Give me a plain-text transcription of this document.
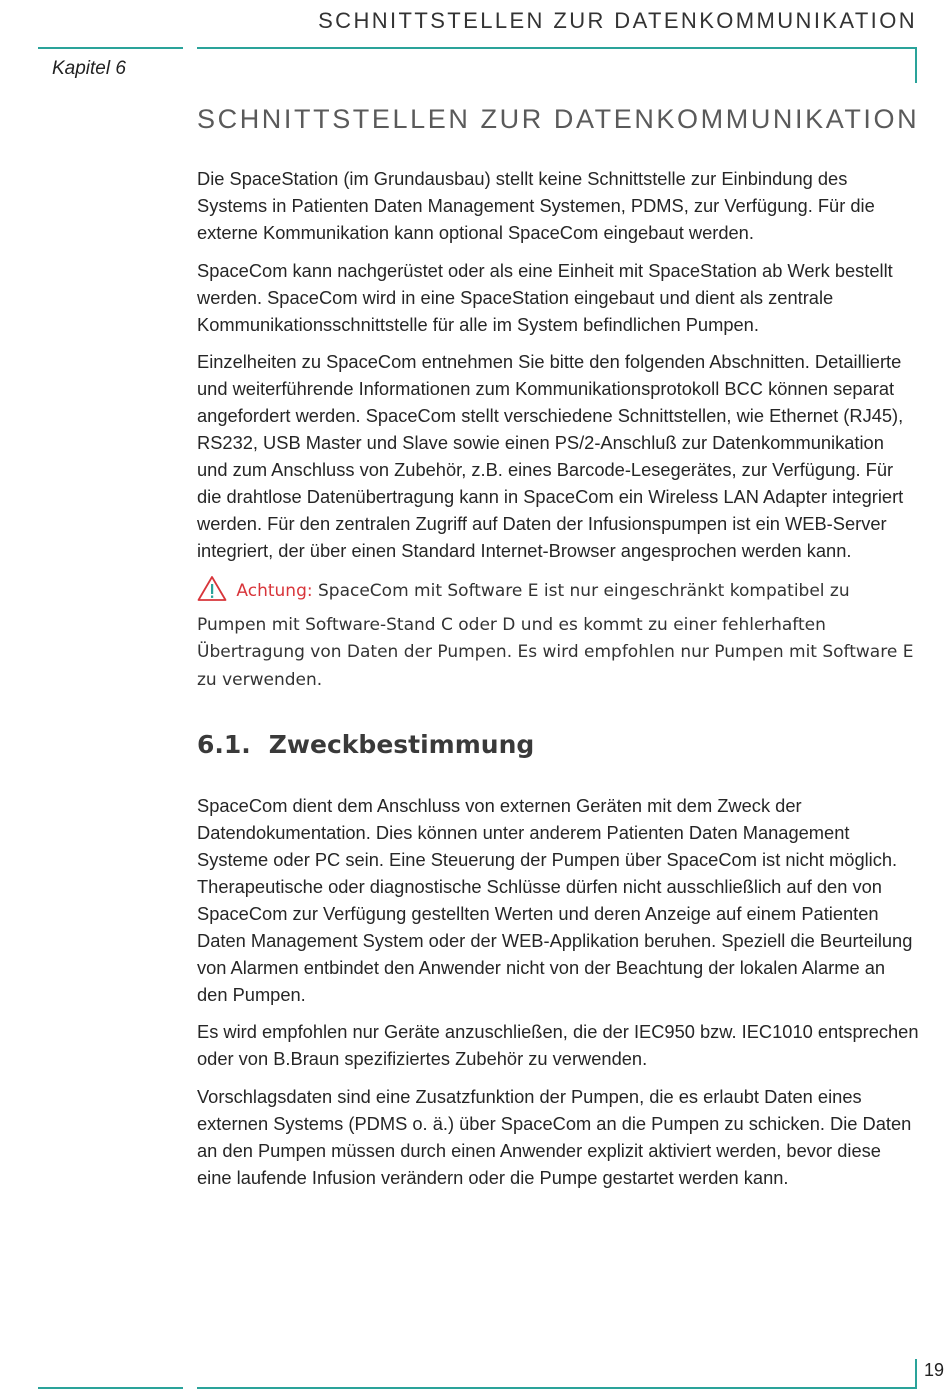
SCHNITTSTELLEN ZUR DATENKOMMUNIKATION
Kapitel 6
SCHNITTSTELLEN ZUR DATENKOMMUNIKATION

Die SpaceStation (im Grundausbau) stellt keine Schnittstelle zur Einbindung des Systems in Patienten Daten Management Systemen, PDMS, zur Verfügung. Für die externe Kommunikation kann optional SpaceCom eingebaut werden.

SpaceCom kann nachgerüstet oder als eine Einheit mit SpaceStation ab Werk bestellt werden. SpaceCom wird in eine SpaceStation eingebaut und dient als zentrale Kommunikationsschnittstelle für alle im System befindlichen Pumpen.

Einzelheiten zu SpaceCom entnehmen Sie bitte den folgenden Abschnitten. Detaillierte und weiterführende Informationen zum Kommunikationsprotokoll BCC können separat angefordert werden. SpaceCom stellt verschiedene Schnittstellen, wie Ethernet (RJ45), RS232, USB Master und Slave sowie einen PS/2-Anschluß zur Datenkommunikation und zum Anschluss von Zubehör, z.B. eines Barcode-Lesegerätes, zur Verfügung. Für die drahtlose Datenübertragung kann in SpaceCom ein Wireless LAN Adapter integriert werden. Für den zentralen Zugriff auf Daten der Infusionspumpen ist ein WEB-Server integriert, der über einen Standard Internet-Browser angesprochen werden kann.

Achtung: SpaceCom mit Software E ist nur eingeschränkt kompatibel zu Pumpen mit Software-Stand C oder D und es kommt zu einer fehlerhaften Übertragung von Daten der Pumpen. Es wird empfohlen nur Pumpen mit Software E zu verwenden.

6.1. Zweckbestimmung

SpaceCom dient dem Anschluss von externen Geräten mit dem Zweck der Datendokumentation. Dies können unter anderem Patienten Daten Management Systeme oder PC sein. Eine Steuerung der Pumpen über SpaceCom ist nicht möglich.

Therapeutische oder diagnostische Schlüsse dürfen nicht ausschließlich auf den von SpaceCom zur Verfügung gestellten Werten und deren Anzeige auf einem Patienten Daten Management System oder der WEB-Applikation beruhen. Speziell die Beurteilung von Alarmen entbindet den Anwender nicht von der Beachtung der lokalen Alarme an den Pumpen.

Es wird empfohlen nur Geräte anzuschließen, die der IEC950 bzw. IEC1010 entsprechen oder von B.Braun spezifiziertes Zubehör zu verwenden.

Vorschlagsdaten sind eine Zusatzfunktion der Pumpen, die es erlaubt Daten eines externen Systems (PDMS o. ä.) über SpaceCom an die Pumpen zu schicken. Die Daten an den Pumpen müssen durch einen Anwender explizit aktiviert werden, bevor diese eine laufende Infusion verändern oder die Pumpe gestartet werden kann.

19
